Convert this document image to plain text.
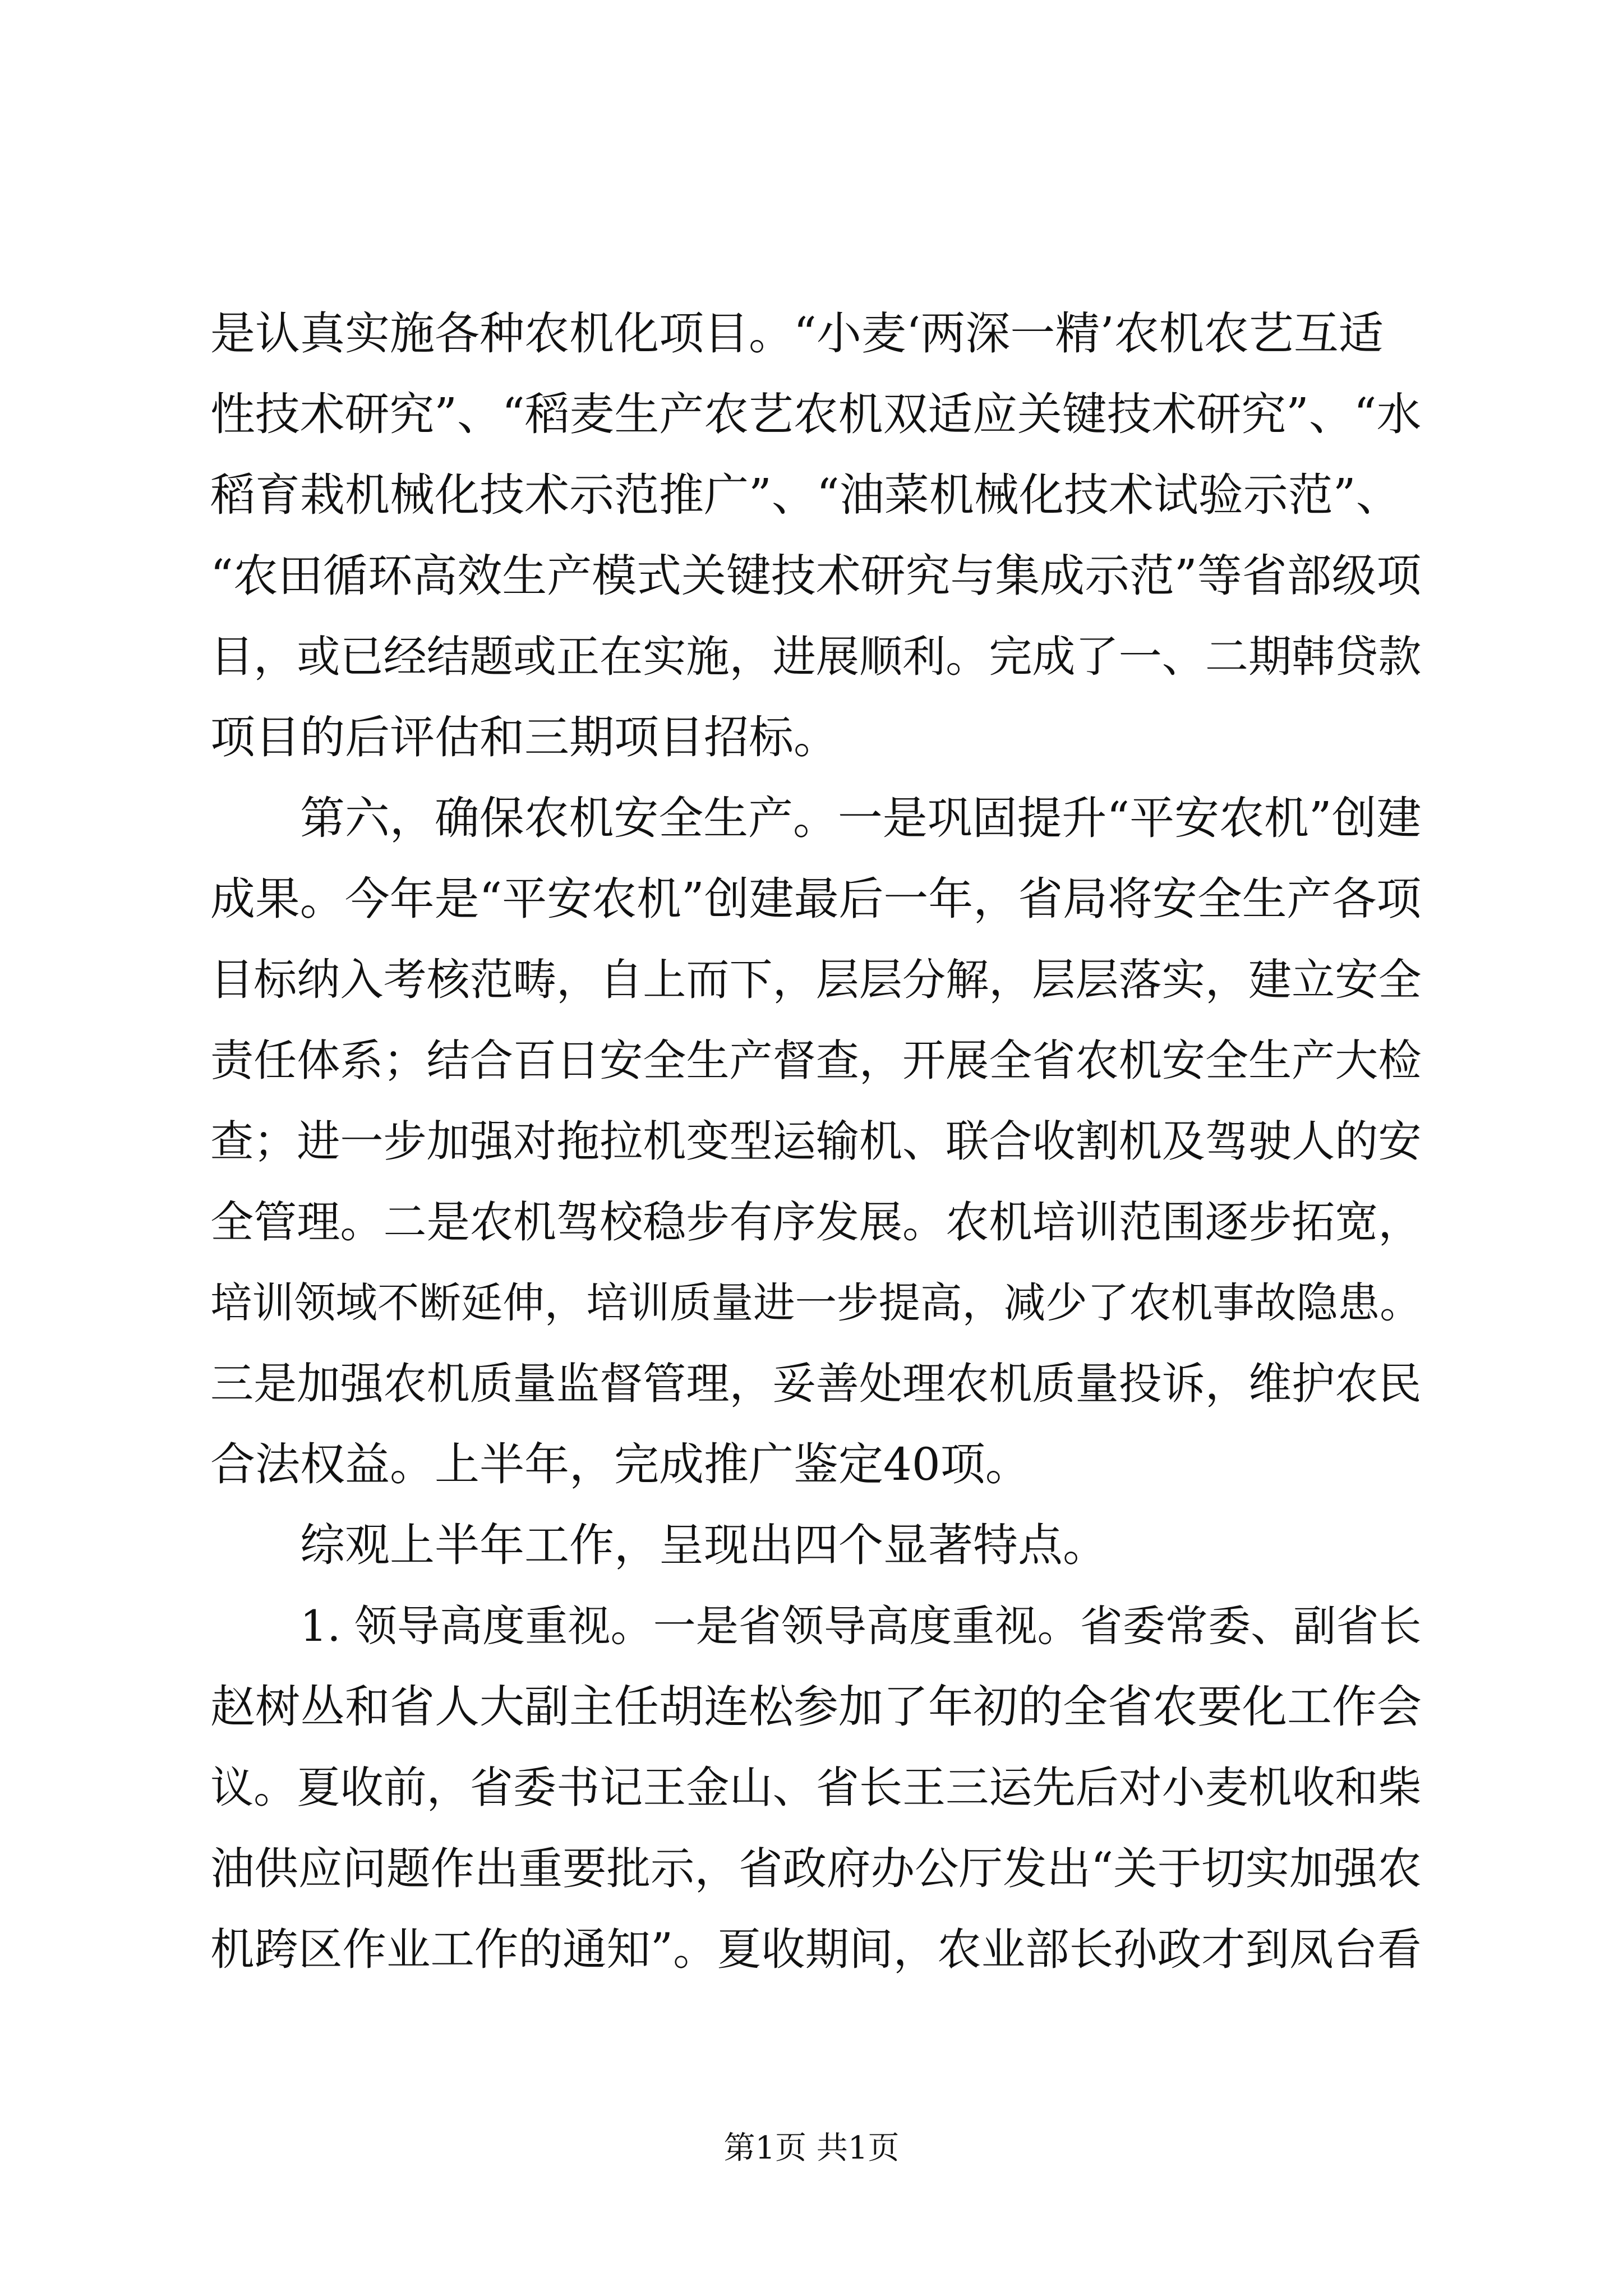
是认真实施各种农机化项目。“小麦‘两深一精’农机农艺互适
性技术研究”、“稻麦生产农艺农机双适应关键技术研究”、“水
稻育栽机械化技术示范推广”、“油菜机械化技术试验示范”、
“农田循环高效生产模式关键技术研究与集成示范”等省部级项
目，或已经结题或正在实施，进展顺利。完成了一、二期韩贷款
项目的后评估和三期项目招标。
第六，确保农机安全生产。一是巩固提升“平安农机”创建
成果。今年是“平安农机”创建最后一年，省局将安全生产各项
目标纳入考核范畴，自上而下，层层分解，层层落实，建立安全
责任体系；结合百日安全生产督查，开展全省农机安全生产大检
查；进一步加强对拖拉机变型运输机、联合收割机及驾驶人的安
全管理。二是农机驾校稳步有序发展。农机培训范围逐步拓宽，
培训领域不断延伸，培训质量进一步提高，减少了农机事故隐患。
三是加强农机质量监督管理，妥善处理农机质量投诉，维护农民
合法权益。上半年，完成推广鉴定40项。
综观上半年工作，呈现出四个显著特点。
1. 领导高度重视。一是省领导高度重视。省委常委、副省长
赵树丛和省人大副主任胡连松参加了年初的全省农要化工作会
议。夏收前，省委书记王金山、省长王三运先后对小麦机收和柴
油供应问题作出重要批示，省政府办公厅发出“关于切实加强农
机跨区作业工作的通知”。夏收期间，农业部长孙政才到凤台看
第1页 共1页
